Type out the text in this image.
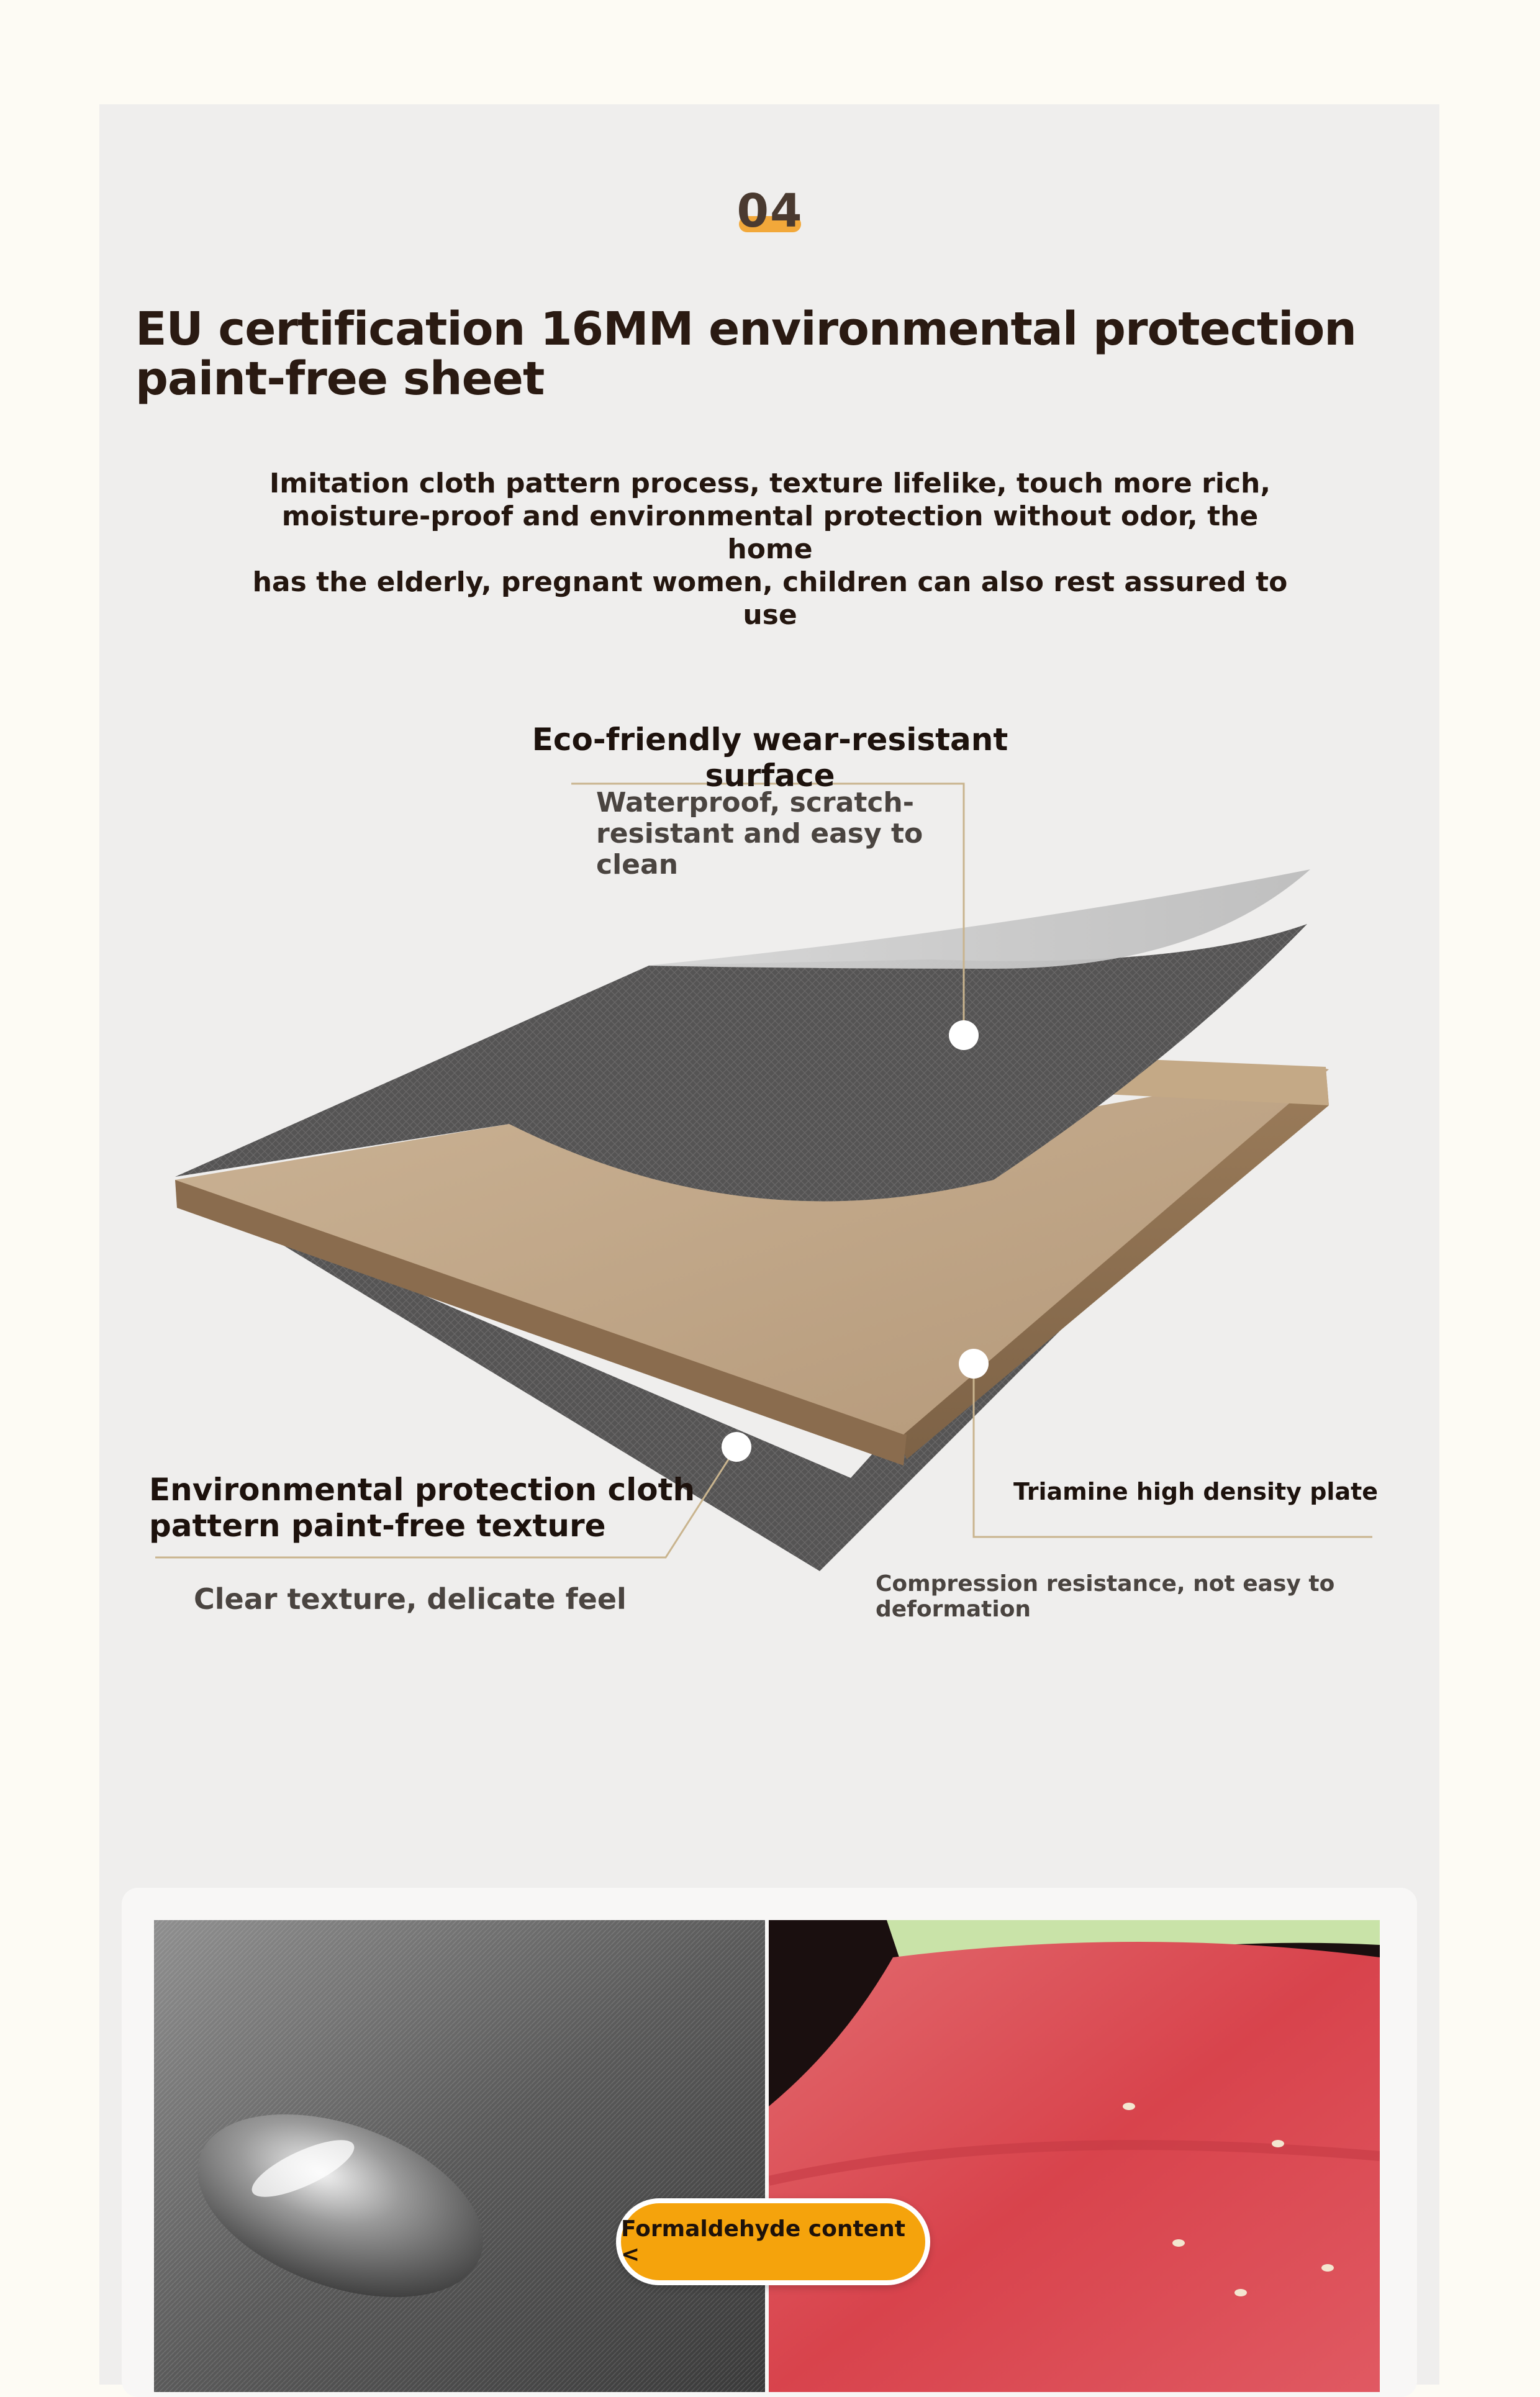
04
EU certification 16MM environmental protection paint-free sheet

Imitation cloth pattern process, texture lifelike, touch more rich,
moisture-proof and environmental protection without odor, the home
has the elderly, pregnant women, children can also rest assured to use

Eco-friendly wear-resistant surface
Waterproof, scratch-
resistant and easy to clean
Environmental protection cloth
pattern paint-free texture
Clear texture, delicate feel
Triamine high density plate
Compression resistance, not easy to deformation
Formaldehyde content <
